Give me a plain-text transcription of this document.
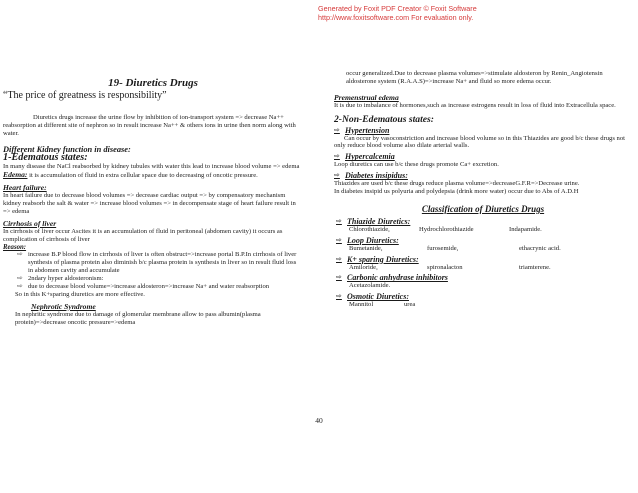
Generated by Foxit PDF Creator © Foxit Software
http://www.foxitsoftware.com For evaluation only.
19- Diuretics Drugs
“The price of greatness is responsibility”
Diuretics drugs increase the urine flow by inhibition of ion-transport system => decrease Na++ reabsorption at different site of nephron so in result increase Na++ & others ions in urine then norm along with water.
Different Kidney function in disease:
1-Edematous states:
In many disease the NaCl reabsorbed by kidney tubules with water this lead to increase blood volume => edema
Edema: it is accumulation of fluid in extra cellular space due to decreasing of oncotic pressure.
Heart failure:
In heart failure due to decrease blood volumes => decrease cardiac output => by compensatory mechanism kidney reabsorb the salt & water => increase blood volumes => in decompensate stage of heart failure result in => edema
Cirrhosis of liver
In cirrhosis of liver occur Ascites it is an accumulation of fluid in peritoneal (abdomen cavity) it occurs as complication of cirrhosis of liver
Reason:
⇨ increase B.P blood flow in cirrhosis of liver is often obstruct=>increase portal B.P.In cirrhosis of liver synthesis of plasma protein also diminish b/c plasma protein is synthesis in liver so in result fluid loss in abdomen cavity and accumulate
⇨ 2ndary hyper aldosteronism:
⇨ due to decrease blood volume=>increase aldosteron=>increase Na+ and water reabsorption
So in this K+sparing diuretics are more effective.
Nephrotic Syndrome
In nephritic syndrome due to damage of glomerular membrane allow to pass albumin(plasma protein)=>decrease oncotic pressure=>edema
occur generalized.Due to decrease plasma volumes=>stimulate aldosteron by Renin_Angiotensin aldosterone system (R.A.A.S)=>increase Na+ and fluid so more edema occur.
Premenstrual edema
It is due to imbalance of hormones,such as increase estrogens result in loss of fluid into Extracellula space.
2-Non-Edematous states:
⇨ Hypertension
Can occur by vasoconstriction and increase blood volume so in this Thiazides are good b/c these drugs not only reduce blood volume also dilate arterial walls.
⇨ Hypercalcemia
Loop diuretics can use b/c these drugs promote Ca+ excretion.
⇨ Diabetes insipidus:
Thiazides are used b/c these drugs reduce plasma volume=>decreaseG.F.R=>Decrease urine.
In diabetes insipid us polyuria and polydepsia (drink more water) occur due to Abs of A.D.H
Classification of Diuretics Drugs
⇨ Thiazide Diuretics:
Chlorothiazide,	Hydrochlorothiazide	Indapamide.
⇨ Loop Diuretics:
Bumetanide,	furosemide,	ethacrynic acid.
⇨ K+ sparing Diuretics:
Amiloride,	spironalacton	triamterene.
⇨ Carbonic anhydrase inhibitors
Acetazolamide.
⇨ Osmotic Diuretics:
Mannitol	urea
40
